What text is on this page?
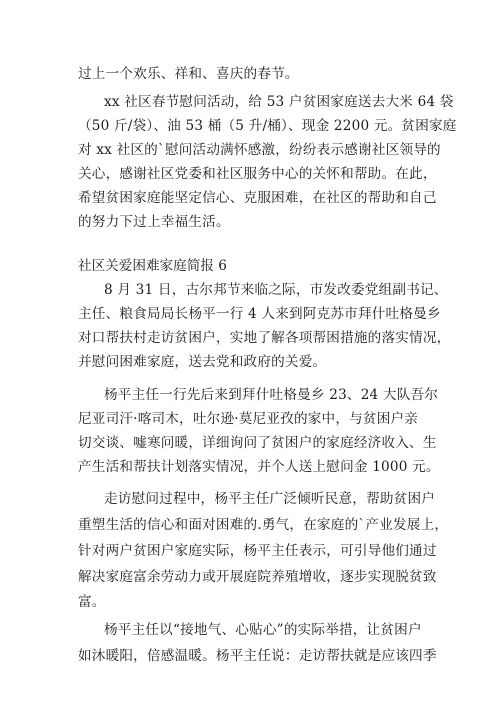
过上一个欢乐、祥和、喜庆的春节。
xx 社区春节慰问活动，给 53 户贫困家庭送去大米 64 袋
（50 斤/袋）、油 53 桶（5 升/桶）、现金 2200 元。贫困家庭
对 xx 社区的`慰问活动满怀感激，纷纷表示感谢社区领导的
关心，感谢社区党委和社区服务中心的关怀和帮助。在此，
希望贫困家庭能坚定信心、克服困难，在社区的帮助和自己
的努力下过上幸福生活。
社区关爱困难家庭简报 6
8 月 31 日，古尔邦节来临之际，市发改委党组副书记、
主任、粮食局局长杨平一行 4 人来到阿克苏市拜什吐格曼乡
对口帮扶村走访贫困户，实地了解各项帮困措施的落实情况，
并慰问困难家庭，送去党和政府的关爱。
杨平主任一行先后来到拜什吐格曼乡 23、24 大队吾尔
尼亚司汗·喀司木，吐尔逊·莫尼亚孜的家中，与贫困户亲
切交谈、嘘寒问暖，详细询问了贫困户的家庭经济收入、生
产生活和帮扶计划落实情况，并个人送上慰问金 1000 元。
走访慰问过程中，杨平主任广泛倾听民意，帮助贫困户
重塑生活的信心和面对困难的.勇气，在家庭的`产业发展上，
针对两户贫困户家庭实际，杨平主任表示，可引导他们通过
解决家庭富余劳动力或开展庭院养殖增收，逐步实现脱贫致
富。
杨平主任以“接地气、心贴心”的实际举措，让贫困户
如沐暖阳，倍感温暖。杨平主任说：走访帮扶就是应该四季
